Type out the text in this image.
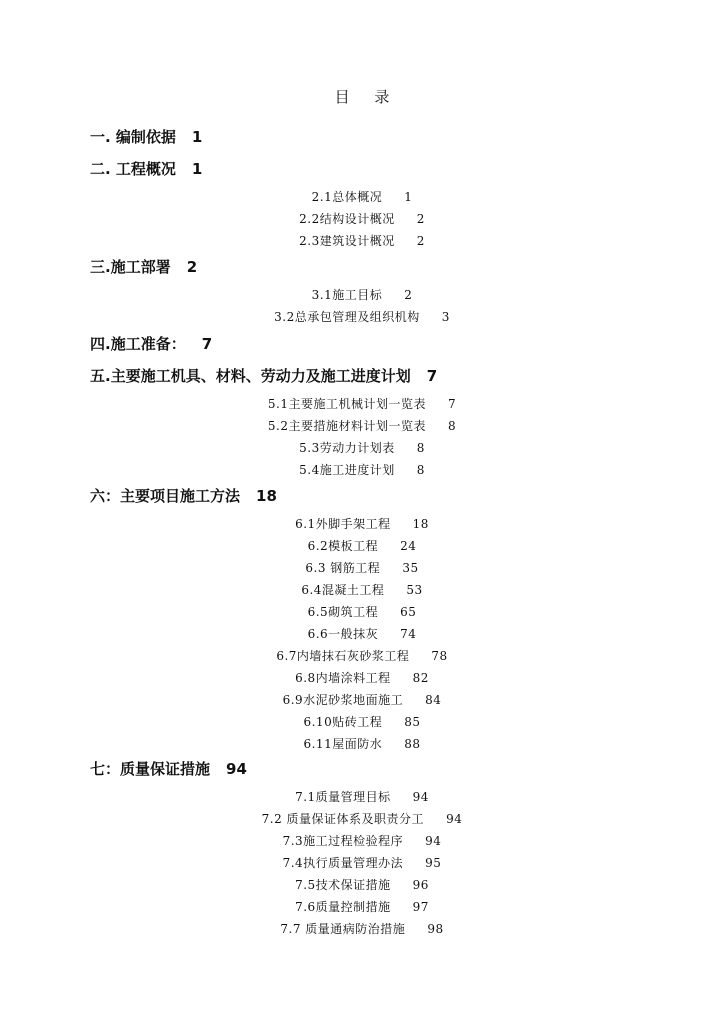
目 录
一. 编制依据 1
二. 工程概况 1
2.1总体概况 1
2.2结构设计概况 2
2.3建筑设计概况 2
三.施工部署 2
3.1施工目标 2
3.2总承包管理及组织机构 3
四.施工准备： 7
五.主要施工机具、材料、劳动力及施工进度计划 7
5.1主要施工机械计划一览表 7
5.2主要措施材料计划一览表 8
5.3劳动力计划表 8
5.4施工进度计划 8
六：主要项目施工方法 18
6.1外脚手架工程 18
6.2模板工程 24
6.3 钢筋工程 35
6.4混凝土工程 53
6.5砌筑工程 65
6.6一般抹灰 74
6.7内墙抹石灰砂浆工程 78
6.8内墙涂料工程 82
6.9水泥砂浆地面施工 84
6.10贴砖工程 85
6.11屋面防水 88
七：质量保证措施 94
7.1质量管理目标 94
7.2 质量保证体系及职责分工 94
7.3施工过程检验程序 94
7.4执行质量管理办法 95
7.5技术保证措施 96
7.6质量控制措施 97
7.7 质量通病防治措施 98
